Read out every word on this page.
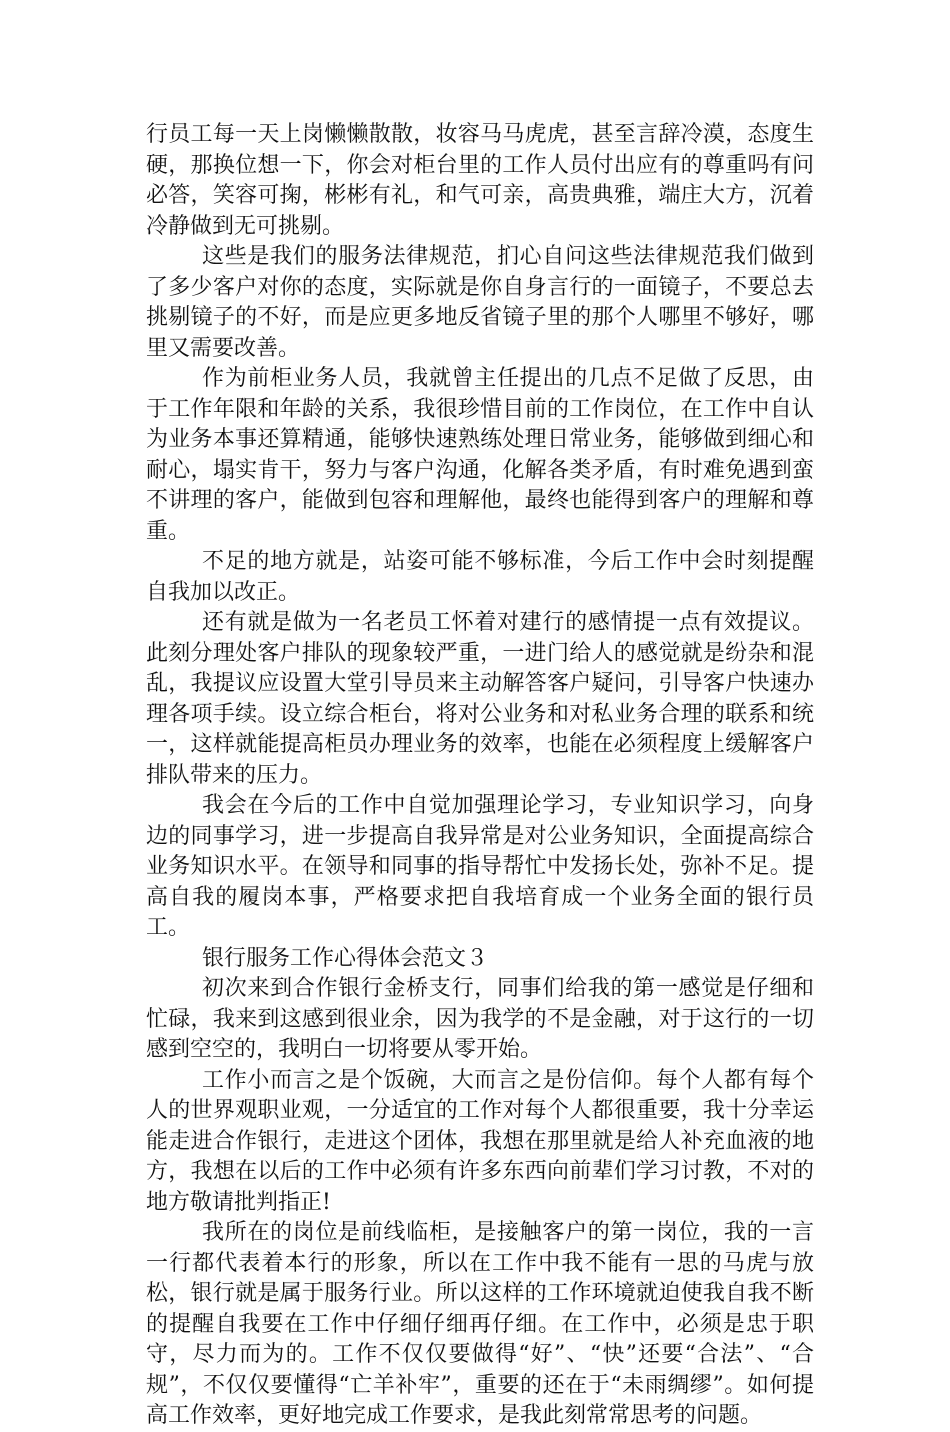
行员工每一天上岗懒懒散散，妆容马马虎虎，甚至言辞冷漠，态度生硬，那换位想一下，你会对柜台里的工作人员付出应有的尊重吗有问必答，笑容可掬，彬彬有礼，和气可亲，高贵典雅，端庄大方，沉着冷静做到无可挑剔。

这些是我们的服务法律规范，扪心自问这些法律规范我们做到了多少客户对你的态度，实际就是你自身言行的一面镜子，不要总去挑剔镜子的不好，而是应更多地反省镜子里的那个人哪里不够好，哪里又需要改善。

作为前柜业务人员，我就曾主任提出的几点不足做了反思，由于工作年限和年龄的关系，我很珍惜目前的工作岗位，在工作中自认为业务本事还算精通，能够快速熟练处理日常业务，能够做到细心和耐心，塌实肯干，努力与客户沟通，化解各类矛盾，有时难免遇到蛮不讲理的客户，能做到包容和理解他，最终也能得到客户的理解和尊重。

不足的地方就是，站姿可能不够标准，今后工作中会时刻提醒自我加以改正。

还有就是做为一名老员工怀着对建行的感情提一点有效提议。此刻分理处客户排队的现象较严重，一进门给人的感觉就是纷杂和混乱，我提议应设置大堂引导员来主动解答客户疑问，引导客户快速办理各项手续。设立综合柜台，将对公业务和对私业务合理的联系和统一，这样就能提高柜员办理业务的效率，也能在必须程度上缓解客户排队带来的压力。

我会在今后的工作中自觉加强理论学习，专业知识学习，向身边的同事学习，进一步提高自我异常是对公业务知识，全面提高综合业务知识水平。在领导和同事的指导帮忙中发扬长处，弥补不足。提高自我的履岗本事，严格要求把自我培育成一个业务全面的银行员工。

银行服务工作心得体会范文３

初次来到合作银行金桥支行，同事们给我的第一感觉是仔细和忙碌，我来到这感到很业余，因为我学的不是金融，对于这行的一切感到空空的，我明白一切将要从零开始。

工作小而言之是个饭碗，大而言之是份信仰。每个人都有每个人的世界观职业观，一分适宜的工作对每个人都很重要，我十分幸运能走进合作银行，走进这个团体，我想在那里就是给人补充血液的地方，我想在以后的工作中必须有许多东西向前辈们学习讨教，不对的地方敬请批判指正!

我所在的岗位是前线临柜，是接触客户的第一岗位，我的一言一行都代表着本行的形象，所以在工作中我不能有一思的马虎与放松，银行就是属于服务行业。所以这样的工作环境就迫使我自我不断的提醒自我要在工作中仔细仔细再仔细。在工作中，必须是忠于职守，尽力而为的。工作不仅仅要做得“好”、“快”还要“合法”、“合规”，不仅仅要懂得“亡羊补牢”，重要的还在于“未雨绸缪”。如何提高工作效率，更好地完成工作要求，是我此刻常常思考的问题。
